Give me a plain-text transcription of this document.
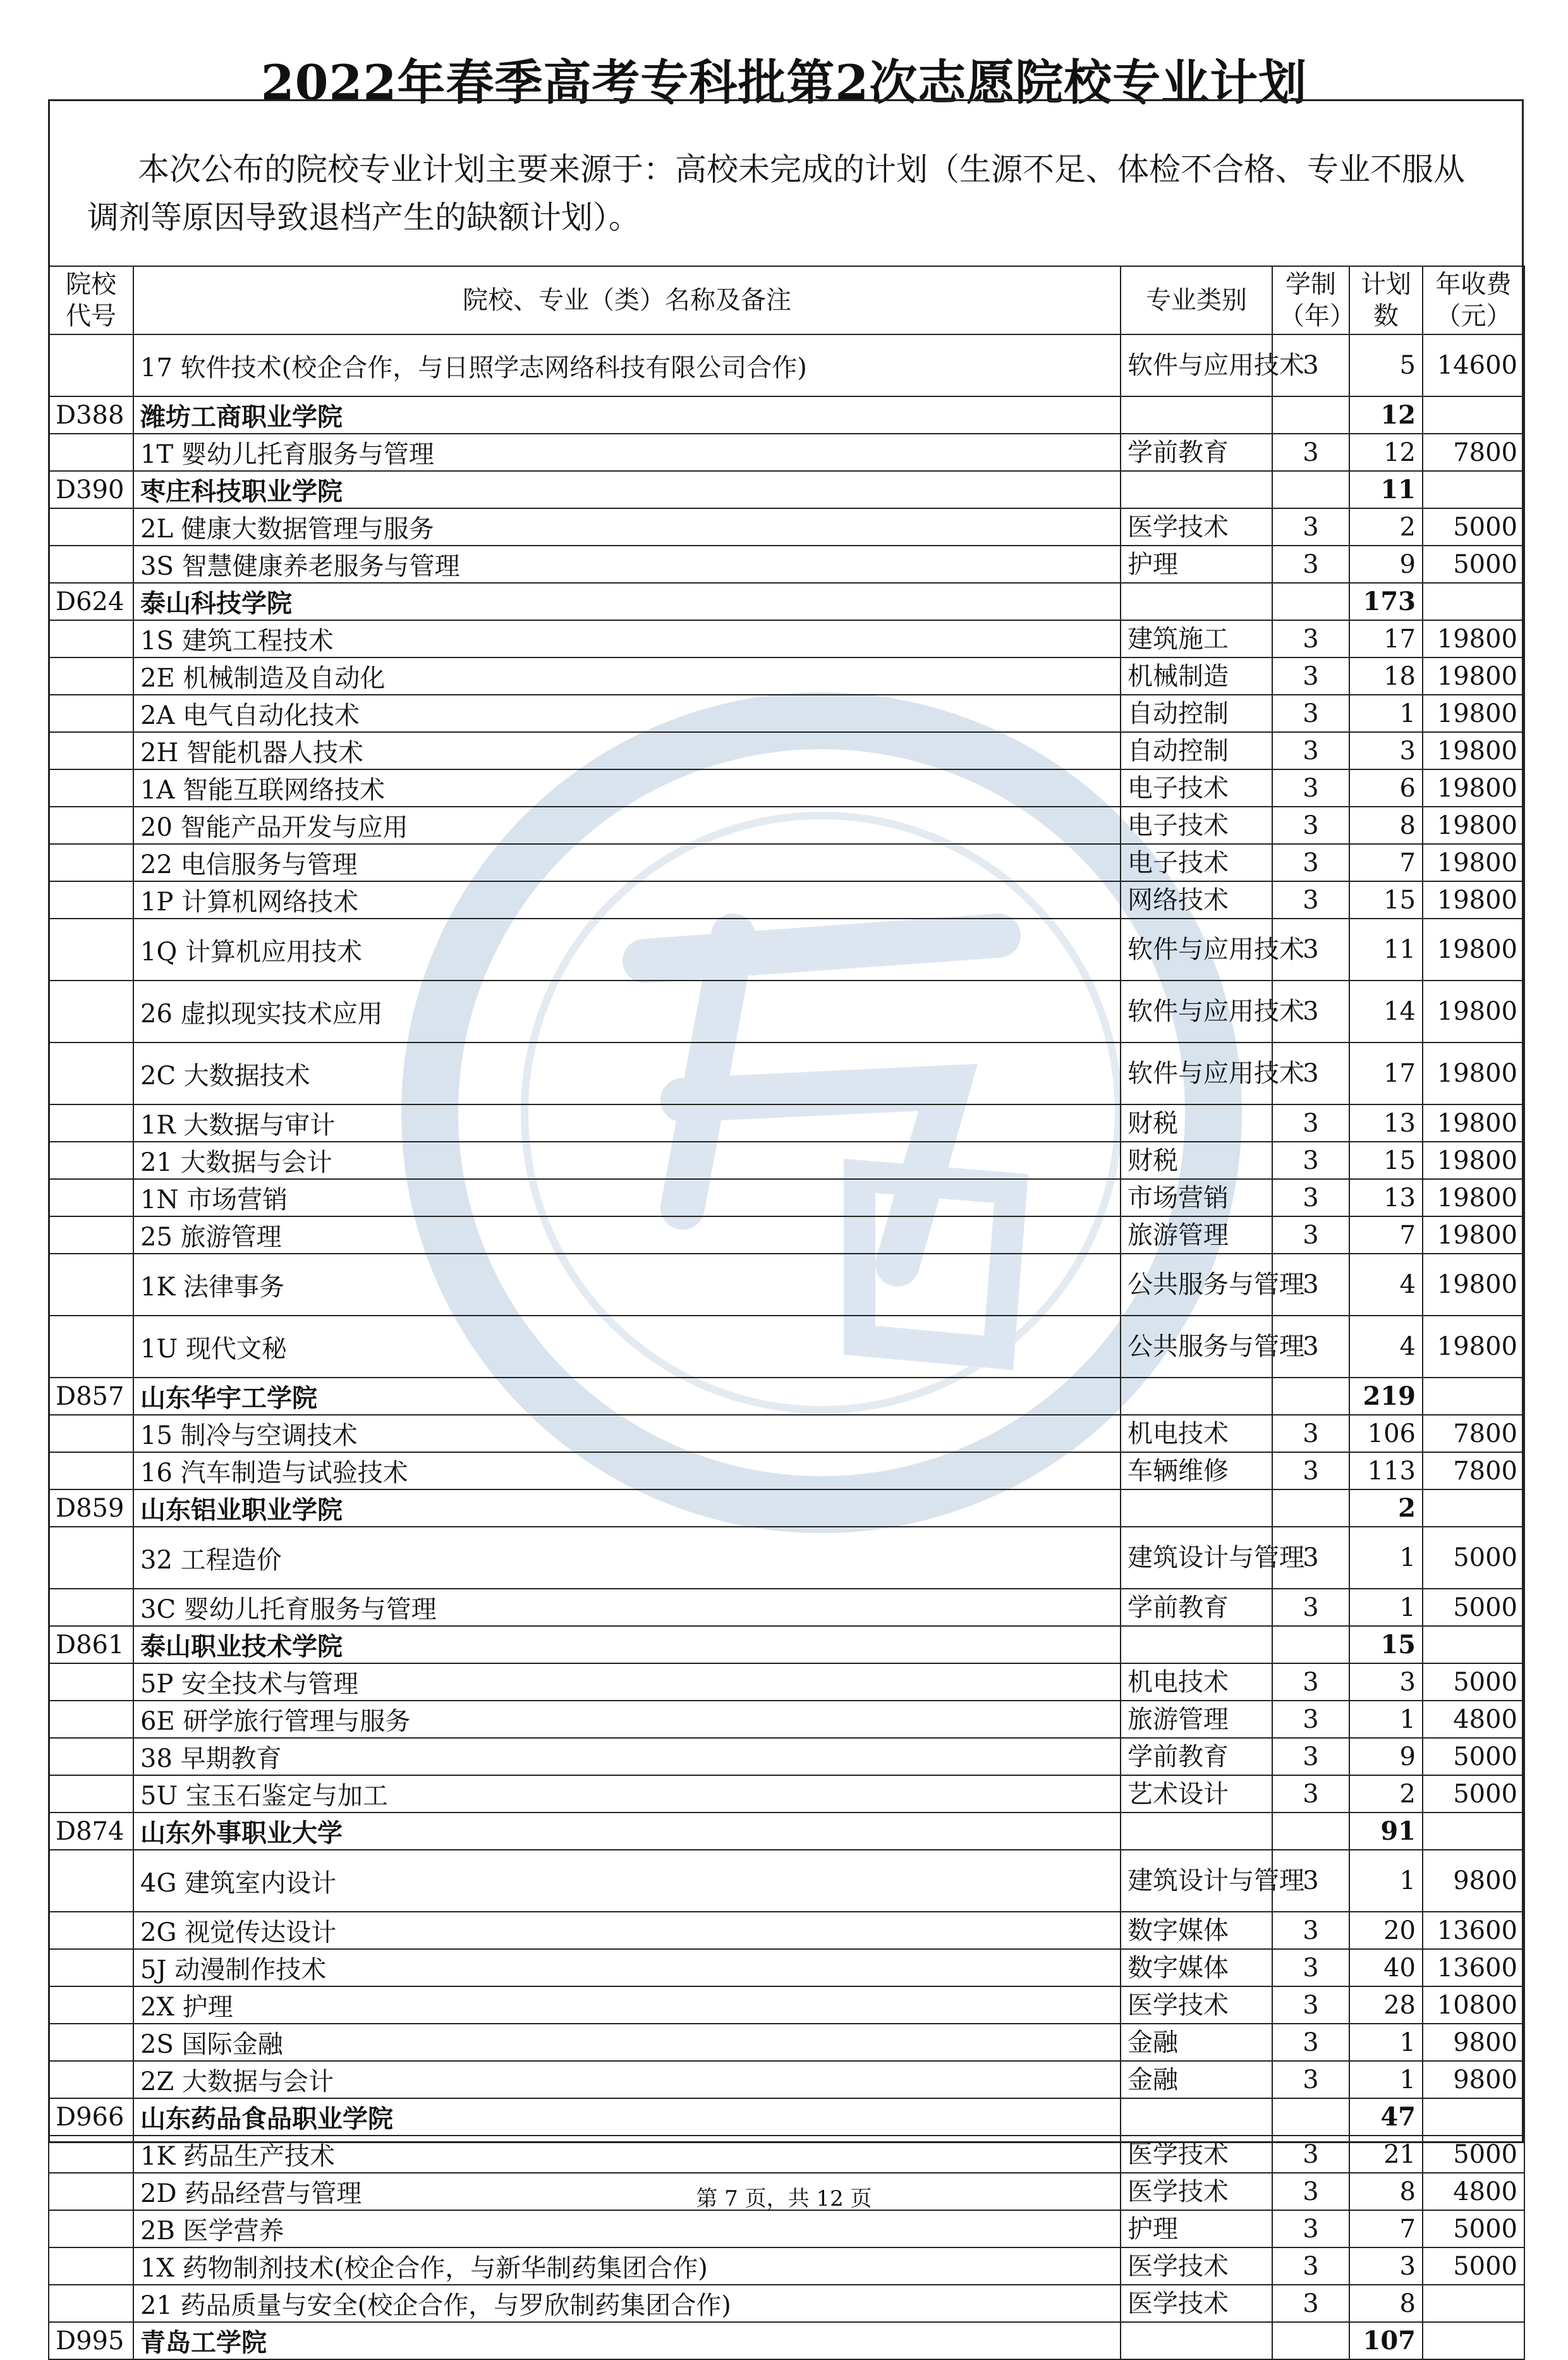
2022年春季高考专科批第2次志愿院校专业计划
本次公布的院校专业计划主要来源于：高校未完成的计划（生源不足、体检不合格、专业不服从调剂等原因导致退档产生的缺额计划）。
院校代号	院校、专业（类）名称及备注	专业类别	学制（年）	计划数	年收费（元）
	17 软件技术(校企合作，与日照学志网络科技有限公司合作)	软件与应用技术	3	5	14600
D388	潍坊工商职业学院			12	
	1T 婴幼儿托育服务与管理	学前教育	3	12	7800
D390	枣庄科技职业学院			11	
	2L 健康大数据管理与服务	医学技术	3	2	5000
	3S 智慧健康养老服务与管理	护理	3	9	5000
D624	泰山科技学院			173	
	1S 建筑工程技术	建筑施工	3	17	19800
	2E 机械制造及自动化	机械制造	3	18	19800
	2A 电气自动化技术	自动控制	3	1	19800
	2H 智能机器人技术	自动控制	3	3	19800
	1A 智能互联网络技术	电子技术	3	6	19800
	20 智能产品开发与应用	电子技术	3	8	19800
	22 电信服务与管理	电子技术	3	7	19800
	1P 计算机网络技术	网络技术	3	15	19800
	1Q 计算机应用技术	软件与应用技术	3	11	19800
	26 虚拟现实技术应用	软件与应用技术	3	14	19800
	2C 大数据技术	软件与应用技术	3	17	19800
	1R 大数据与审计	财税	3	13	19800
	21 大数据与会计	财税	3	15	19800
	1N 市场营销	市场营销	3	13	19800
	25 旅游管理	旅游管理	3	7	19800
	1K 法律事务	公共服务与管理	3	4	19800
	1U 现代文秘	公共服务与管理	3	4	19800
D857	山东华宇工学院			219	
	15 制冷与空调技术	机电技术	3	106	7800
	16 汽车制造与试验技术	车辆维修	3	113	7800
D859	山东铝业职业学院			2	
	32 工程造价	建筑设计与管理	3	1	5000
	3C 婴幼儿托育服务与管理	学前教育	3	1	5000
D861	泰山职业技术学院			15	
	5P 安全技术与管理	机电技术	3	3	5000
	6E 研学旅行管理与服务	旅游管理	3	1	4800
	38 早期教育	学前教育	3	9	5000
	5U 宝玉石鉴定与加工	艺术设计	3	2	5000
D874	山东外事职业大学			91	
	4G 建筑室内设计	建筑设计与管理	3	1	9800
	2G 视觉传达设计	数字媒体	3	20	13600
	5J 动漫制作技术	数字媒体	3	40	13600
	2X 护理	医学技术	3	28	10800
	2S 国际金融	金融	3	1	9800
	2Z 大数据与会计	金融	3	1	9800
D966	山东药品食品职业学院			47	
	1K 药品生产技术	医学技术	3	21	5000
	2D 药品经营与管理	医学技术	3	8	4800
	2B 医学营养	护理	3	7	5000
	1X 药物制剂技术(校企合作，与新华制药集团合作)	医学技术	3	3	5000
	21 药品质量与安全(校企合作，与罗欣制药集团合作)	医学技术	3	8	
D995	青岛工学院			107	
第 7 页，共 12 页
